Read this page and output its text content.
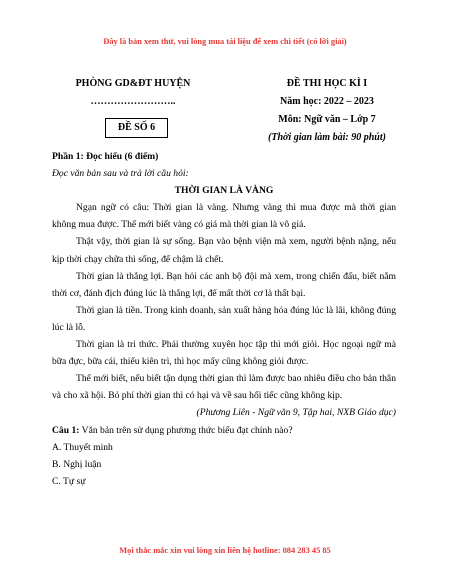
Đây là bản xem thử, vui lòng mua tài liệu để xem chi tiết (có lời giải)
PHÒNG GD&ĐT HUYỆN
……………………..
ĐỀ SỐ 6
ĐỀ THI HỌC KÌ I
Năm học: 2022 – 2023
Môn: Ngữ văn – Lớp 7
(Thời gian làm bài: 90 phút)

Phần 1: Đọc hiểu (6 điểm)

Đọc văn bản sau và trả lời câu hỏi:

THỜI GIAN LÀ VÀNG

Ngạn ngữ có câu: Thời gian là vàng. Nhưng vàng thì mua được mà thời gian không mua được. Thế mới biết vàng có giá mà thời gian là vô giá.

Thật vậy, thời gian là sự sống. Bạn vào bệnh viện mà xem, người bệnh nặng, nếu kịp thời chạy chữa thì sống, để chậm là chết.

Thời gian là thắng lợi. Bạn hỏi các anh bộ đội mà xem, trong chiến đấu, biết nắm thời cơ, đánh địch đúng lúc là thắng lợi, để mất thời cơ là thất bại.

Thời gian là tiền. Trong kinh doanh, sản xuất hàng hóa đúng lúc là lãi, không đúng lúc là lỗ.

Thời gian là tri thức. Phải thường xuyên học tập thì mới giỏi. Học ngoại ngữ mà bữa đực, bữa cái, thiếu kiên trì, thì học mấy cũng không giỏi được.

Thế mới biết, nếu biết tận dụng thời gian thì làm được bao nhiêu điều cho bản thân và cho xã hội. Bỏ phí thời gian thì có hại và về sau hối tiếc cũng không kịp.

(Phương Liên - Ngữ văn 9, Tập hai, NXB Giáo dục)

Câu 1: Văn bản trên sử dụng phương thức biểu đạt chính nào?

A. Thuyết minh

B. Nghị luận

C. Tự sự

Mọi thắc mắc xin vui lòng xin liên hệ hotline: 084 283 45 85
